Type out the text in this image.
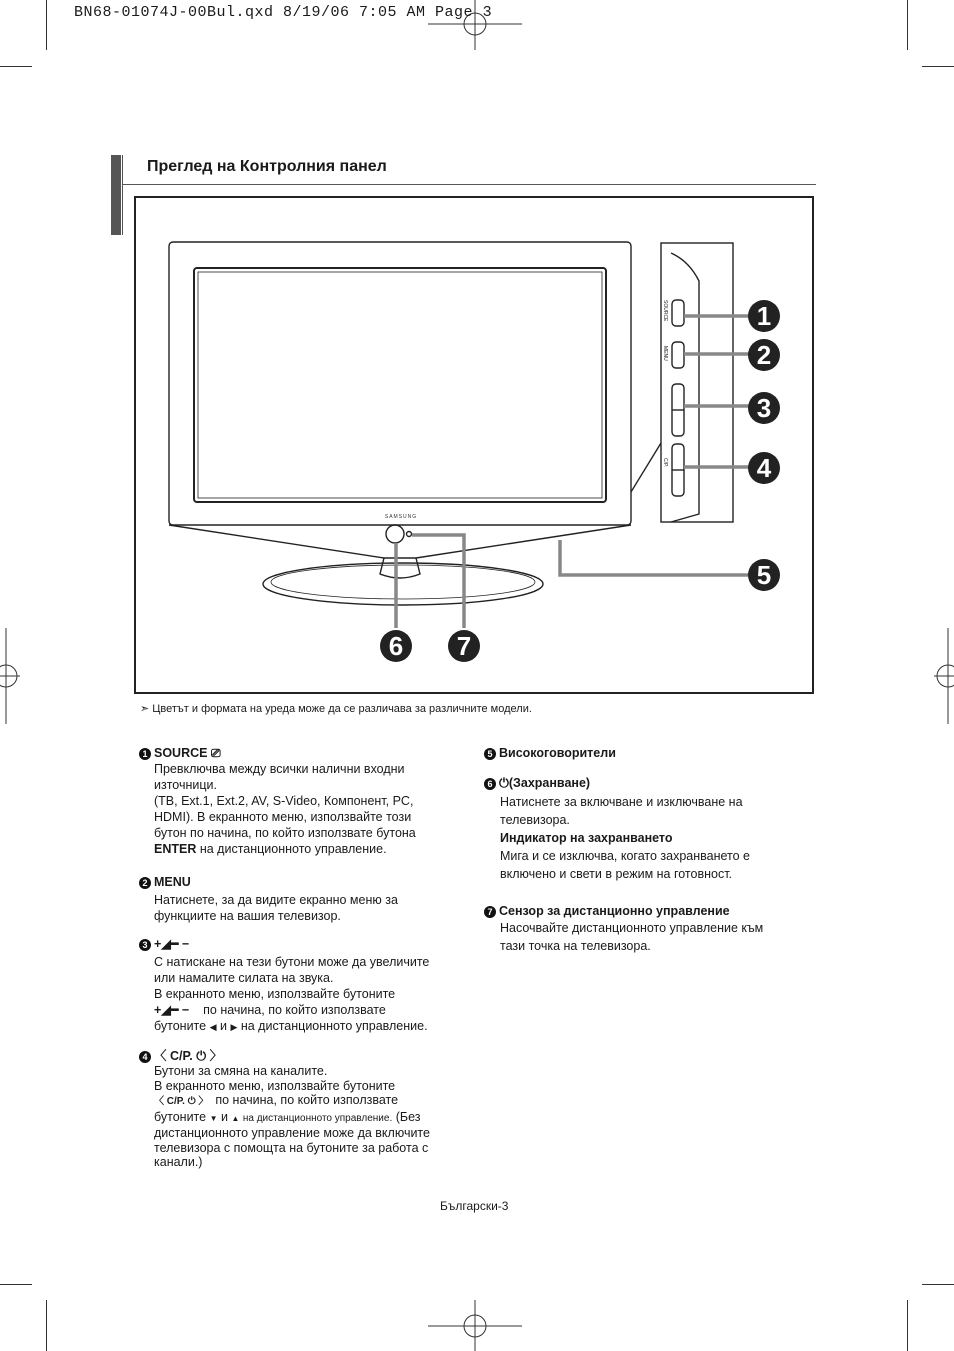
BN68-01074J-00Bul.qxd 8/19/06 7:05 AM Page 3
Преглед на Контролния панел
SAMSUNG
SOURCE
MENU
C/P.
1
2
3
4
5
6 7
➣ Цветът и формата на уреда може да се различава за различните модели.
1 SOURCE ⎚
Превключва между всички налични входни
източници.
(TB, Ext.1, Ext.2, AV, S-Video, Компонент, PC,
HDMI). В екранното меню, използвайте този
бутон по начина, по който използвате бутона
ENTER на дистанционното управление.
2 MENU
Натиснете, за да видите екранно меню за
функциите на вашия телевизор.
3 +◢━ −
С натискане на тези бутони може да увеличите
или намалите силата на звука.
В екранното меню, използвайте бутоните
+◢━ − по начина, по който използвате
бутоните ◀ и ▶ на дистанционното управление.
4 〈 C/P. ⏻ 〉
Бутони за смяна на каналите.
В екранното меню, използвайте бутоните
〈 C/P. ⏻ 〉 по начина, по който използвате
бутоните ▼ и ▲ на дистанционното управление. (Без
дистанционното управление може да включите
телевизора с помощта на бутоните за работа с
канали.)
5 Високоговорители
6 ⏻(Захранване)
Натиснете за включване и изключване на
телевизора.
Индикатор на захранването
Мига и се изключва, когато захранването е
включено и свети в режим на готовност.
7 Сензор за дистанционно управление
Насочвайте дистанционното управление към
тази точка на телевизора.
Български-3
